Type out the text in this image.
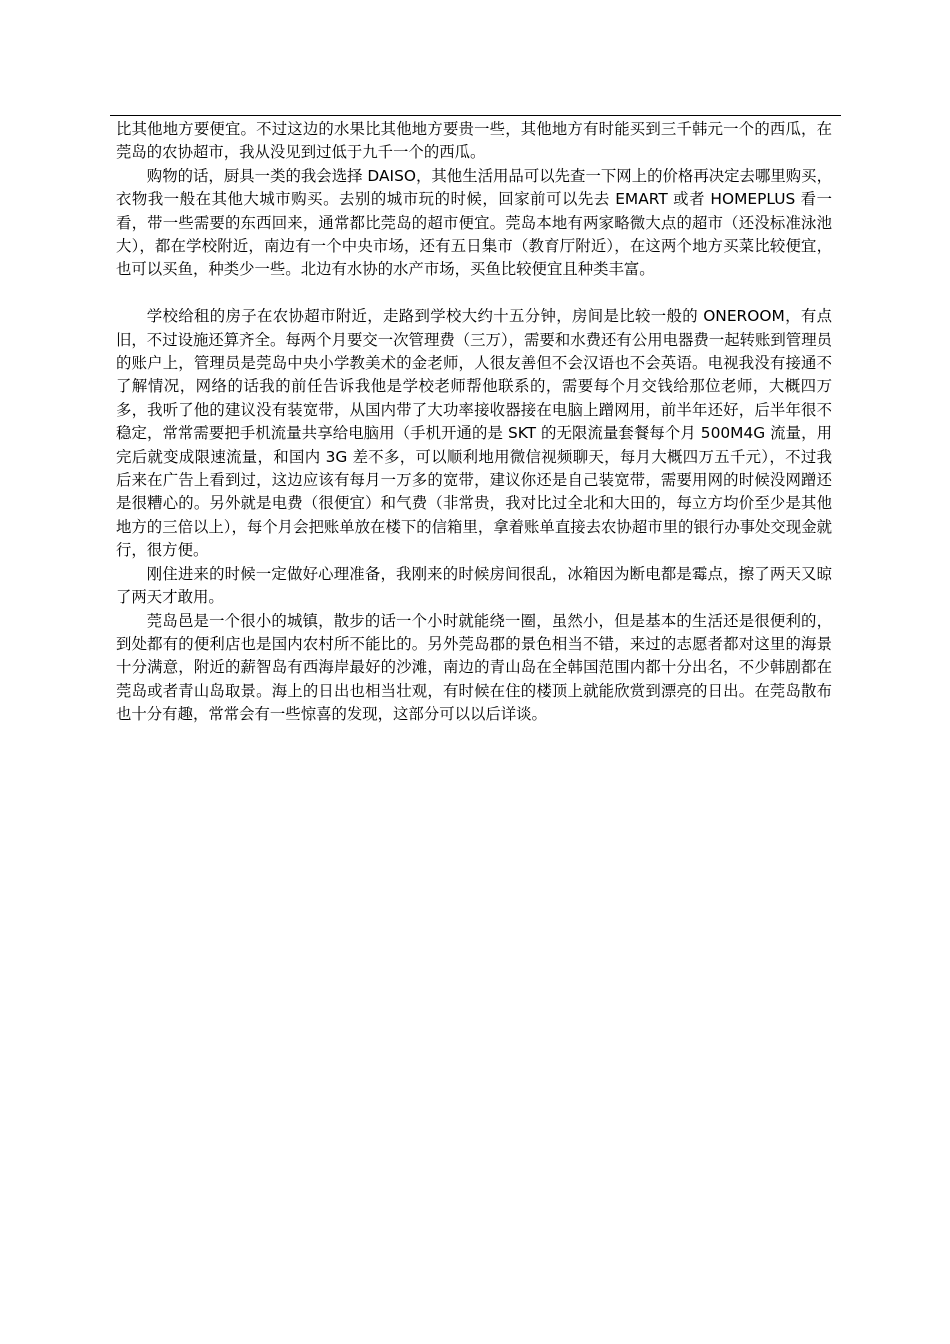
比其他地方要便宜。不过这边的水果比其他地方要贵一些，其他地方有时能买到三千韩元一个的西瓜，在莞岛的农协超市，我从没见到过低于九千一个的西瓜。

购物的话，厨具一类的我会选择 DAISO，其他生活用品可以先查一下网上的价格再决定去哪里购买，衣物我一般在其他大城市购买。去别的城市玩的时候，回家前可以先去 EMART 或者 HOMEPLUS 看一看，带一些需要的东西回来，通常都比莞岛的超市便宜。莞岛本地有两家略微大点的超市（还没标准泳池大），都在学校附近，南边有一个中央市场，还有五日集市（教育厅附近），在这两个地方买菜比较便宜，也可以买鱼，种类少一些。北边有水协的水产市场，买鱼比较便宜且种类丰富。

学校给租的房子在农协超市附近，走路到学校大约十五分钟，房间是比较一般的 ONEROOM，有点旧，不过设施还算齐全。每两个月要交一次管理费（三万），需要和水费还有公用电器费一起转账到管理员的账户上，管理员是莞岛中央小学教美术的金老师，人很友善但不会汉语也不会英语。电视我没有接通不了解情况，网络的话我的前任告诉我他是学校老师帮他联系的，需要每个月交钱给那位老师，大概四万多，我听了他的建议没有装宽带，从国内带了大功率接收器接在电脑上蹭网用，前半年还好，后半年很不稳定，常常需要把手机流量共享给电脑用（手机开通的是 SKT 的无限流量套餐每个月 500M4G 流量，用完后就变成限速流量，和国内 3G 差不多，可以顺利地用微信视频聊天，每月大概四万五千元），不过我后来在广告上看到过，这边应该有每月一万多的宽带，建议你还是自己装宽带，需要用网的时候没网蹭还是很糟心的。另外就是电费（很便宜）和气费（非常贵，我对比过全北和大田的，每立方均价至少是其他地方的三倍以上），每个月会把账单放在楼下的信箱里，拿着账单直接去农协超市里的银行办事处交现金就行，很方便。

刚住进来的时候一定做好心理准备，我刚来的时候房间很乱，冰箱因为断电都是霉点，擦了两天又晾了两天才敢用。

莞岛邑是一个很小的城镇，散步的话一个小时就能绕一圈，虽然小，但是基本的生活还是很便利的，到处都有的便利店也是国内农村所不能比的。另外莞岛郡的景色相当不错，来过的志愿者都对这里的海景十分满意，附近的薪智岛有西海岸最好的沙滩，南边的青山岛在全韩国范围内都十分出名，不少韩剧都在莞岛或者青山岛取景。海上的日出也相当壮观，有时候在住的楼顶上就能欣赏到漂亮的日出。在莞岛散布也十分有趣，常常会有一些惊喜的发现，这部分可以以后详谈。
